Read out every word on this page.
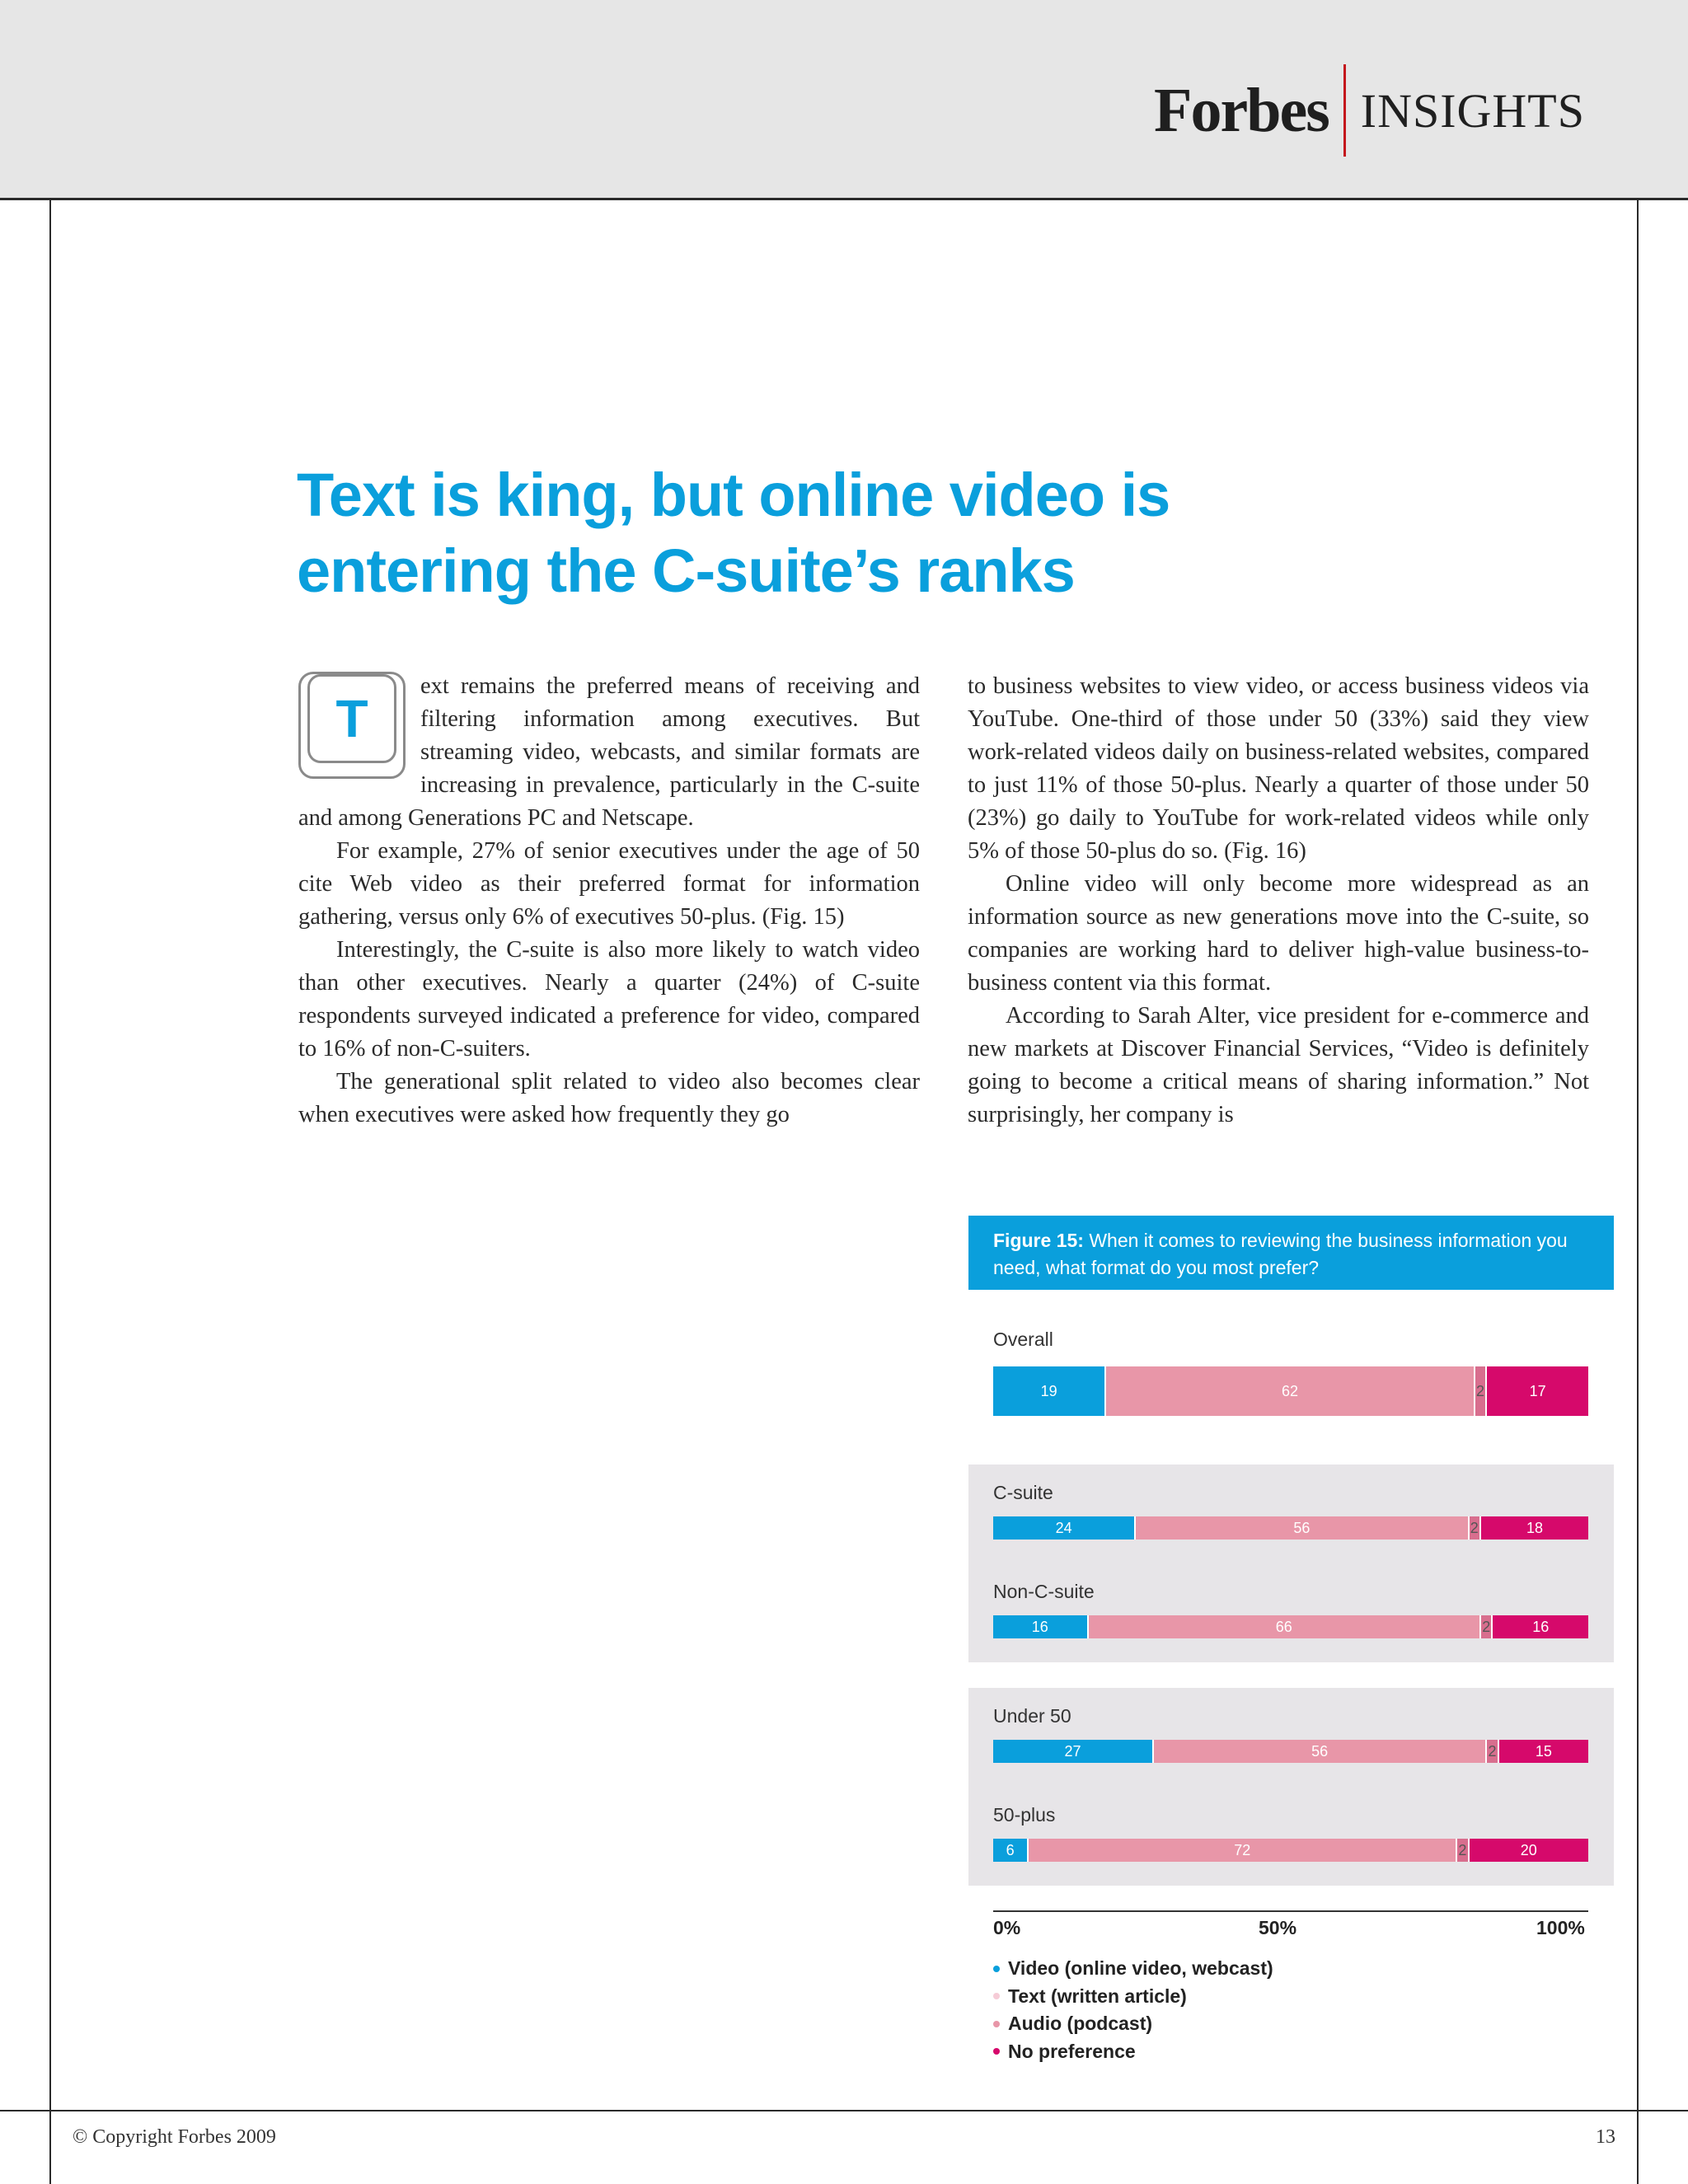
Forbes INSIGHTS
Text is king, but online video is
entering the C-suite’s ranks
T

ext remains the preferred means of receiving and filtering information among executives. But streaming video, webcasts, and similar formats are increasing in prevalence, particularly in the C-suite and among Generations PC and Netscape.

For example, 27% of senior executives under the age of 50 cite Web video as their preferred format for information gathering, versus only 6% of executives 50-plus. (Fig. 15)

Interestingly, the C-suite is also more likely to watch video than other executives. Nearly a quarter (24%) of C-suite respondents surveyed indicated a preference for video, compared to 16% of non-C-suiters.

The generational split related to video also becomes clear when executives were asked how frequently they go

to business websites to view video, or access business videos via YouTube. One-third of those under 50 (33%) said they view work-related videos daily on business-related websites, compared to just 11% of those 50-plus. Nearly a quarter of those under 50 (23%) go daily to YouTube for work-related videos while only 5% of those 50-plus do so. (Fig. 16)

Online video will only become more widespread as an information source as new generations move into the C-suite, so companies are working hard to deliver high-value business-to-business content via this format.

According to Sarah Alter, vice president for e-commerce and new markets at Discover Financial Services, “Video is definitely going to become a critical means of sharing information.” Not surprisingly, her company is

Figure 15: When it comes to reviewing the business information you need, what format do you most prefer?
Overall
19	62	2	17
C-suite
24	56	2	18
Non-C-suite
16	66	2	16
Under 50
27	56	2	15
50-plus
6	72	2	20
0%	50%	100%
Video (online video, webcast)
Text (written article)
Audio (podcast)
No preference
© Copyright Forbes 2009	13
